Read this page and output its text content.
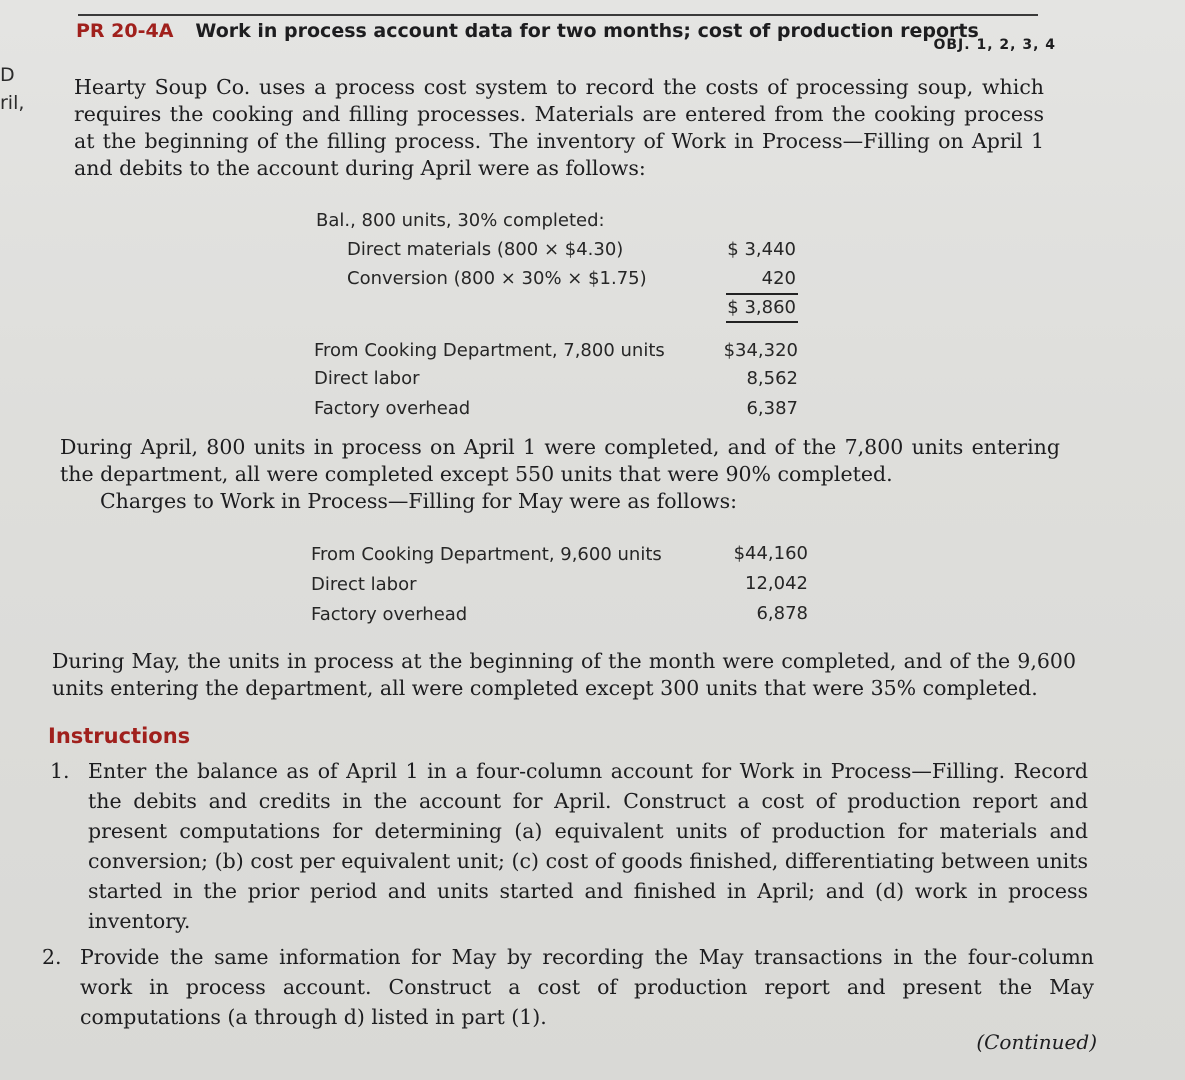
D
ril,
PR 20-4A Work in process account data for two months; cost of production reports
OBJ. 1, 2, 3, 4
Hearty Soup Co. uses a process cost system to record the costs of processing soup, which requires the cooking and filling processes. Materials are entered from the cooking process at the beginning of the filling process. The inventory of Work in Process—Filling on April 1 and debits to the account during April were as follows:
Bal., 800 units, 30% completed:
Direct materials (800 × $4.30)	$ 3,440
Conversion (800 × 30% × $1.75)	420
$ 3,860
From Cooking Department, 7,800 units	$34,320
Direct labor	8,562
Factory overhead	6,387
During April, 800 units in process on April 1 were completed, and of the 7,800 units entering the department, all were completed except 550 units that were 90% completed.
Charges to Work in Process—Filling for May were as follows:
From Cooking Department, 9,600 units	$44,160
Direct labor	12,042
Factory overhead	6,878
During May, the units in process at the beginning of the month were completed, and of the 9,600 units entering the department, all were completed except 300 units that were 35% completed.
Instructions
1. Enter the balance as of April 1 in a four-column account for Work in Process—Filling. Record the debits and credits in the account for April. Construct a cost of production report and present computations for determining (a) equivalent units of production for materials and conversion; (b) cost per equivalent unit; (c) cost of goods finished, differentiating between units started in the prior period and units started and finished in April; and (d) work in process inventory.
2. Provide the same information for May by recording the May transactions in the four-column work in process account. Construct a cost of production report and present the May computations (a through d) listed in part (1).
(Continued)
